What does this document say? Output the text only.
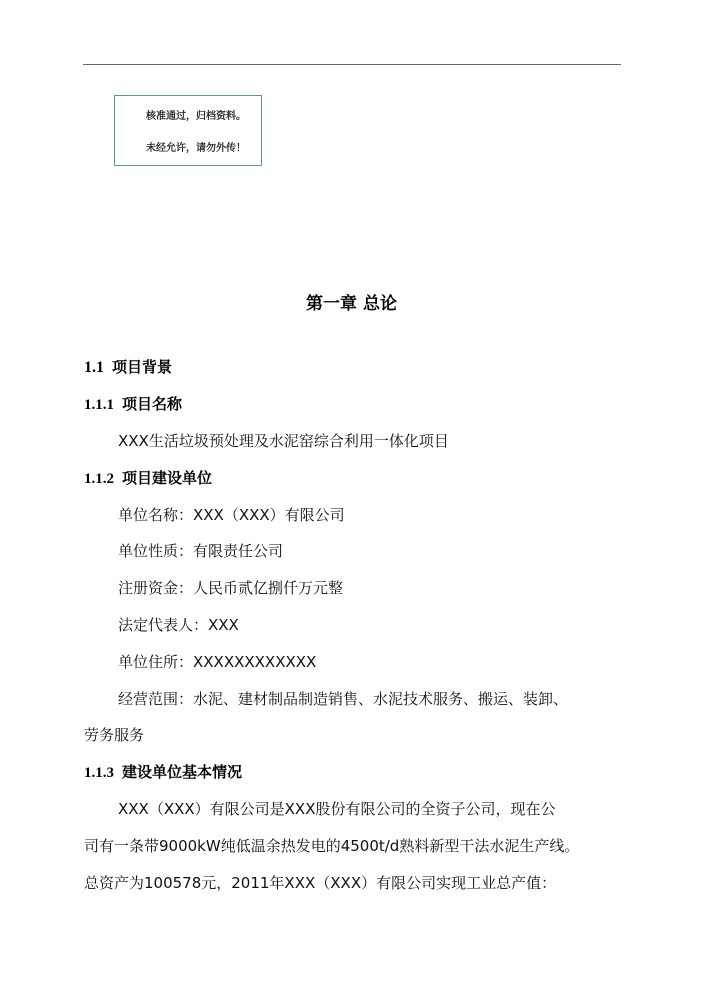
核准通过，归档资料。
未经允许，请勿外传！
第一章 总论
1.1 项目背景
1.1.1 项目名称
XXX生活垃圾预处理及水泥窑综合利用一体化项目
1.1.2 项目建设单位
单位名称：XXX（XXX）有限公司
单位性质：有限责任公司
注册资金：人民币贰亿捌仟万元整
法定代表人：XXX
单位住所：XXXXXXXXXXXX
经营范围：水泥、建材制品制造销售、水泥技术服务、搬运、装卸、
劳务服务
1.1.3 建设单位基本情况
XXX（XXX）有限公司是XXX股份有限公司的全资子公司，现在公
司有一条带9000kW纯低温余热发电的4500t/d熟料新型干法水泥生产线。
总资产为100578元，2011年XXX（XXX）有限公司实现工业总产值：
